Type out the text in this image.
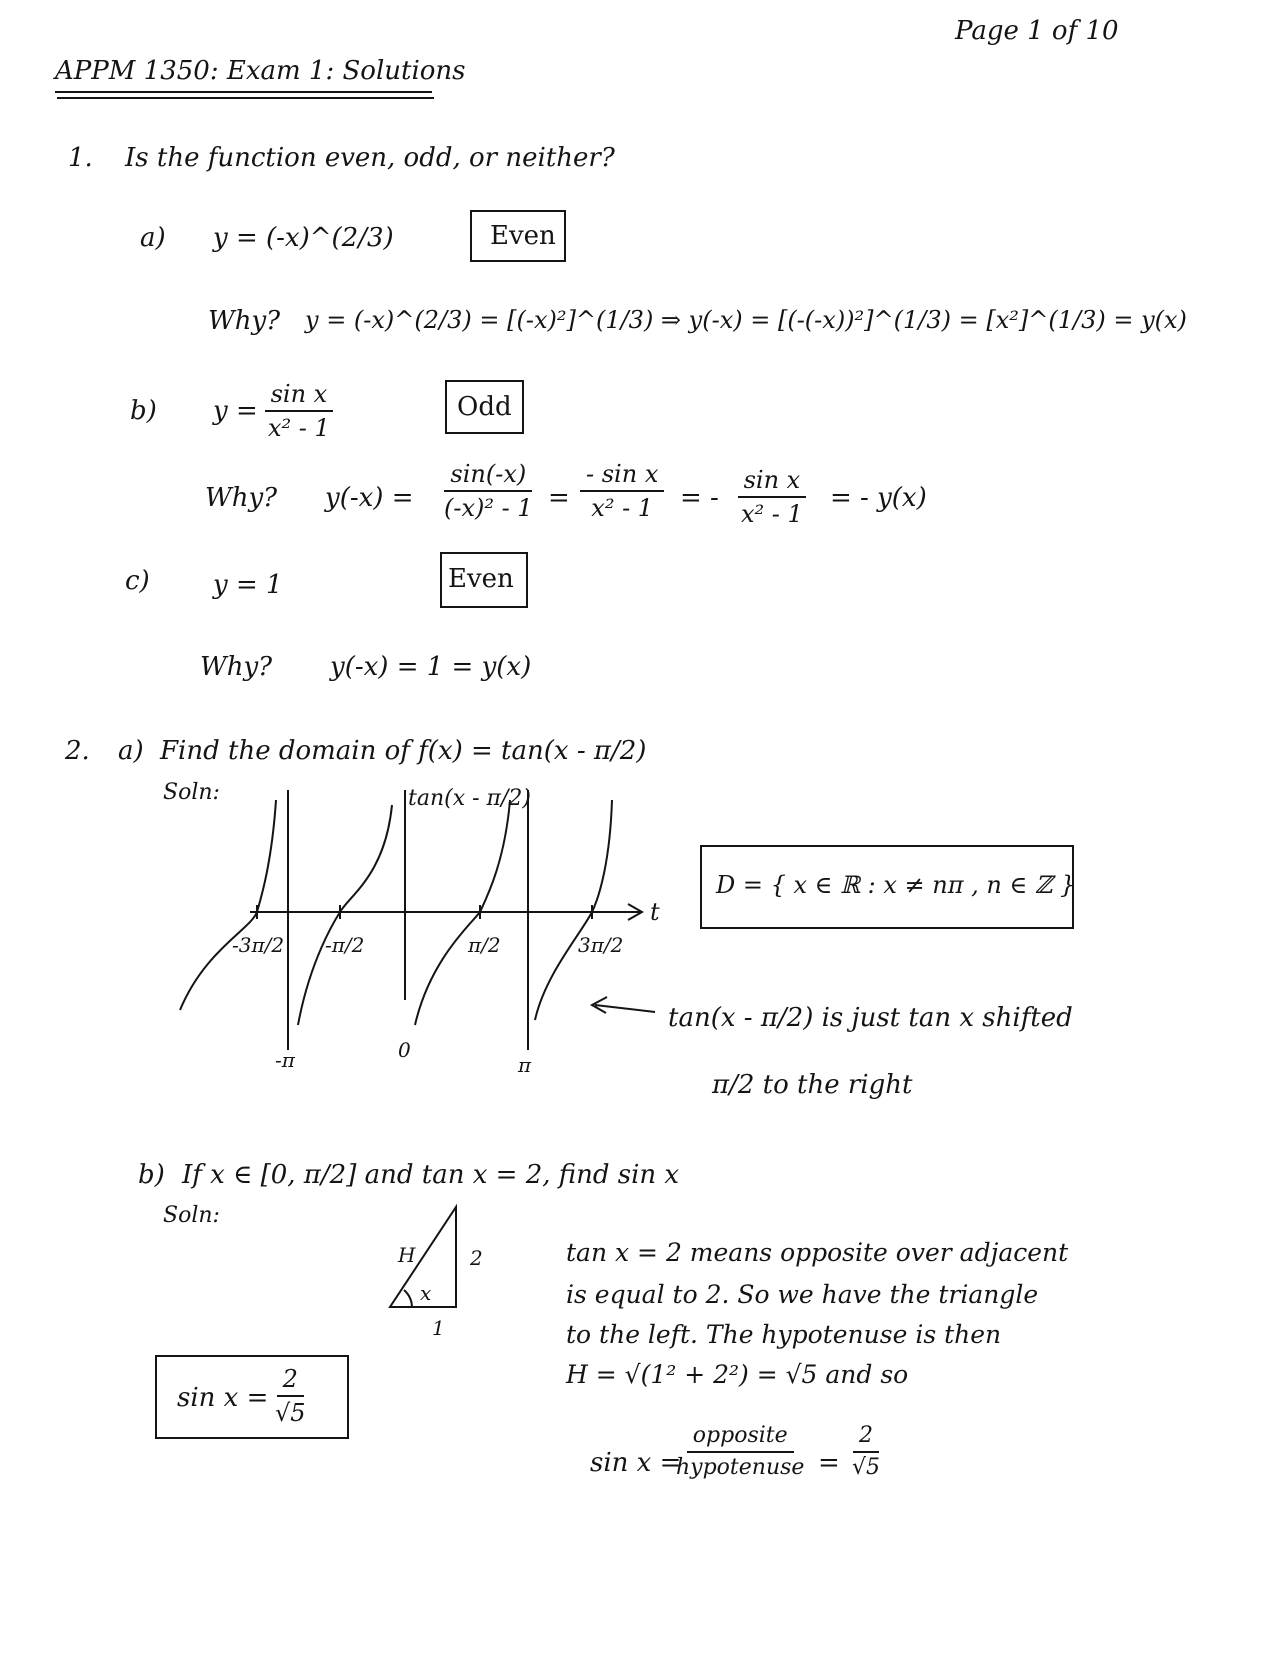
Page 1 of 10
APPM 1350: Exam 1: Solutions
1. Is the function even, odd, or neither?
a) y = (-x)^(2/3)	Even
Why? y = (-x)^(2/3) = [(-x)²]^(1/3) ⇒ y(-x) = [(-(-x))²]^(1/3) = [x²]^(1/3) = y(x)
b) $y = \frac{\text{sin x}}{\text{x² - 1}}$	Odd
Why? $y(-x) = \frac{\sin(-x)}{\text{(-x)² - 1}} = \frac{\text{- sin x}}{\text{x² - 1}}$ = - $\frac{\text{sin x}}{\text{x² - 1}}$ = - y(x)
c) y = 1	Even
Why? y(-x) = 1 = y(x)
2. a) Find the domain of f(x) = tan(x - π/2)
Soln:	tan(x - π/2)
t
-3π/2 -π/2	π/2	3π/2
-π	0
π
D = { x ∈ ℝ : x ≠ nπ , n ∈ ℤ }
tan(x - π/2) is just tan x shifted
π/2 to the right
b) If x ∈ [0, π/2] and tan x = 2, find sin x
Soln:
H	2
x
1
$\sin x = \frac{2}{√5}$
tan x = 2 means opposite over adjacent
is equal to 2. So we have the triangle
to the left. The hypotenuse is then
H = √(1² + 2²) = √5 and so
sin x =
opposite
hypotenuse = $\frac{2}{√5}$
